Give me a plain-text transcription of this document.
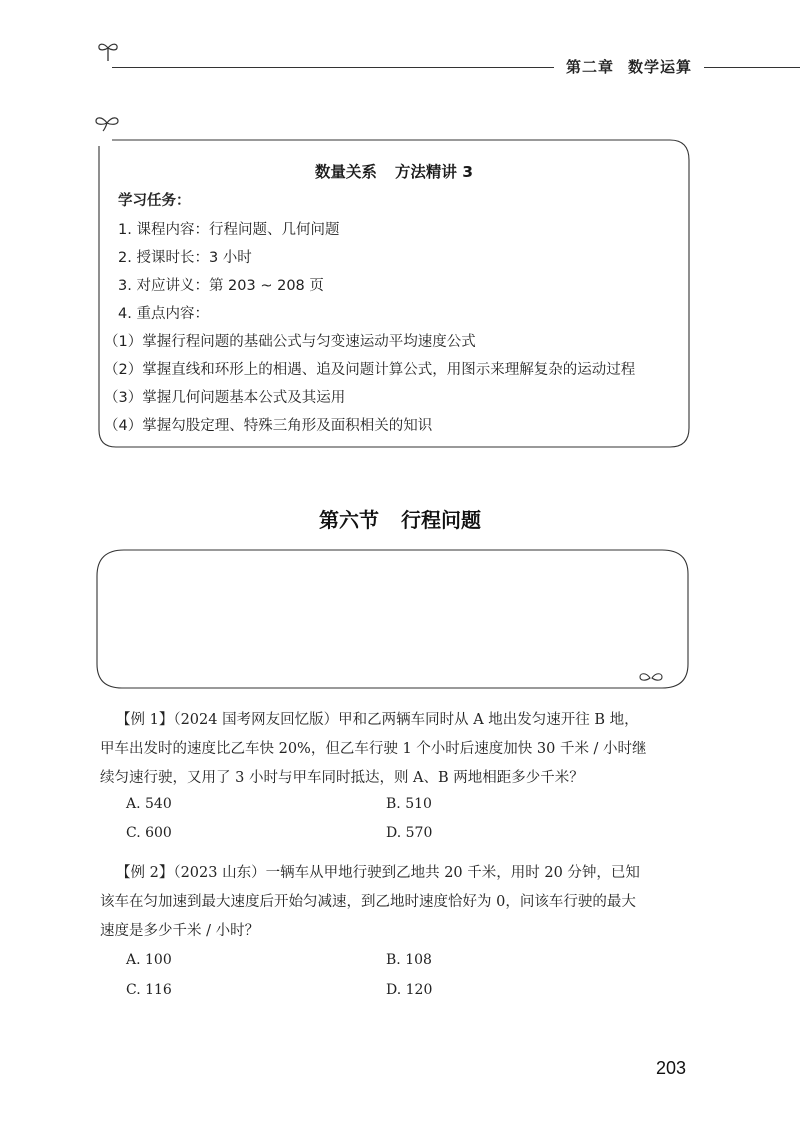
第二章 数学运算
数量关系 方法精讲 3
学习任务：
1. 课程内容：行程问题、几何问题
2. 授课时长：3 小时
3. 对应讲义：第 203 ~ 208 页
4. 重点内容：
（1）掌握行程问题的基础公式与匀变速运动平均速度公式
（2）掌握直线和环形上的相遇、追及问题计算公式，用图示来理解复杂的运动过程
（3）掌握几何问题基本公式及其运用
（4）掌握勾股定理、特殊三角形及面积相关的知识
第六节 行程问题
【例 1】（2024 国考网友回忆版）甲和乙两辆车同时从 A 地出发匀速开往 B 地，
甲车出发时的速度比乙车快 20%，但乙车行驶 1 个小时后速度加快 30 千米 / 小时继
续匀速行驶，又用了 3 小时与甲车同时抵达，则 A、B 两地相距多少千米？
A. 540	B. 510
C. 600	D. 570
【例 2】（2023 山东）一辆车从甲地行驶到乙地共 20 千米，用时 20 分钟，已知
该车在匀加速到最大速度后开始匀减速，到乙地时速度恰好为 0，问该车行驶的最大
速度是多少千米 / 小时？
A. 100	B. 108
C. 116	D. 120
203
